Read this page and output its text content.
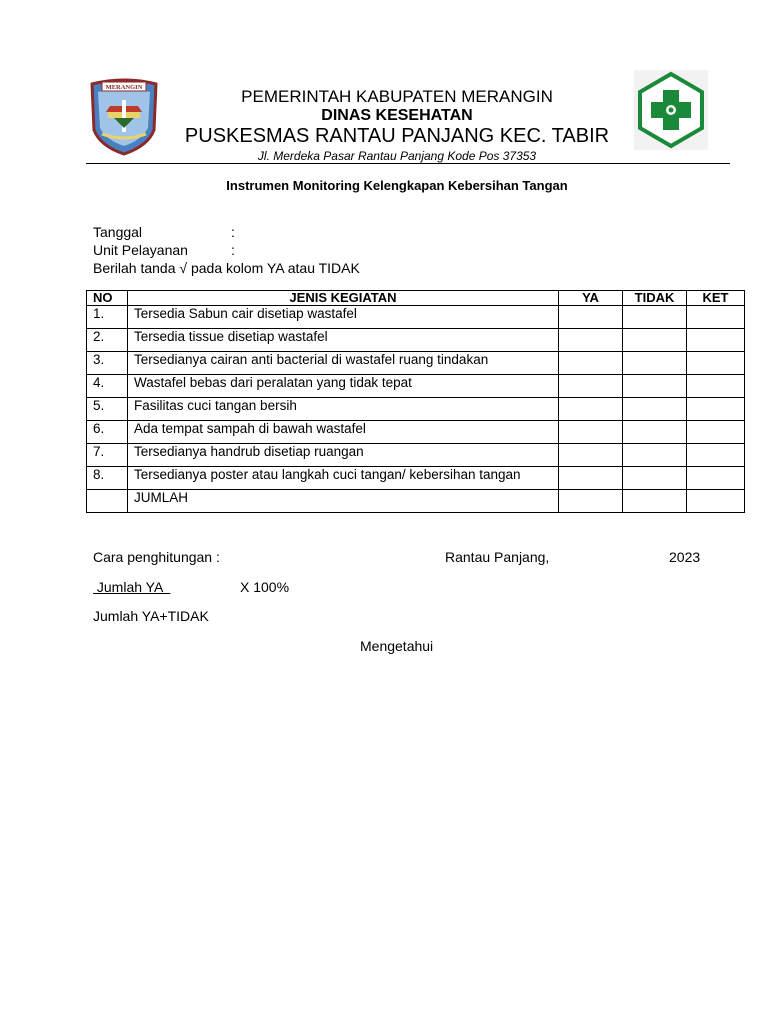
MERANGIN	PEMERINTAH KABUPATEN MERANGIN
DINAS KESEHATAN
PUSKESMAS RANTAU PANJANG KEC. TABIR
Jl. Merdeka Pasar Rantau Panjang Kode Pos 37353
Instrumen Monitoring Kelengkapan Kebersihan Tangan
Tanggal	:
Unit Pelayanan	:
Berilah tanda √ pada kolom YA atau TIDAK
NO	JENIS KEGIATAN	YA	TIDAK	KET
1.	Tersedia Sabun cair disetiap wastafel			
2.	Tersedia tissue disetiap wastafel			
3.	Tersedianya cairan anti bacterial di wastafel ruang tindakan			
4.	Wastafel bebas dari peralatan yang tidak tepat			
5.	Fasilitas cuci tangan bersih			
6.	Ada tempat sampah di bawah wastafel			
7.	Tersedianya handrub disetiap ruangan			
8.	Tersedianya poster atau langkah cuci tangan/ kebersihan tangan			
	JUMLAH			
Cara penghitungan :	Rantau Panjang,	2023
Jumlah YA	X 100%
Jumlah YA+TIDAK
Mengetahui
